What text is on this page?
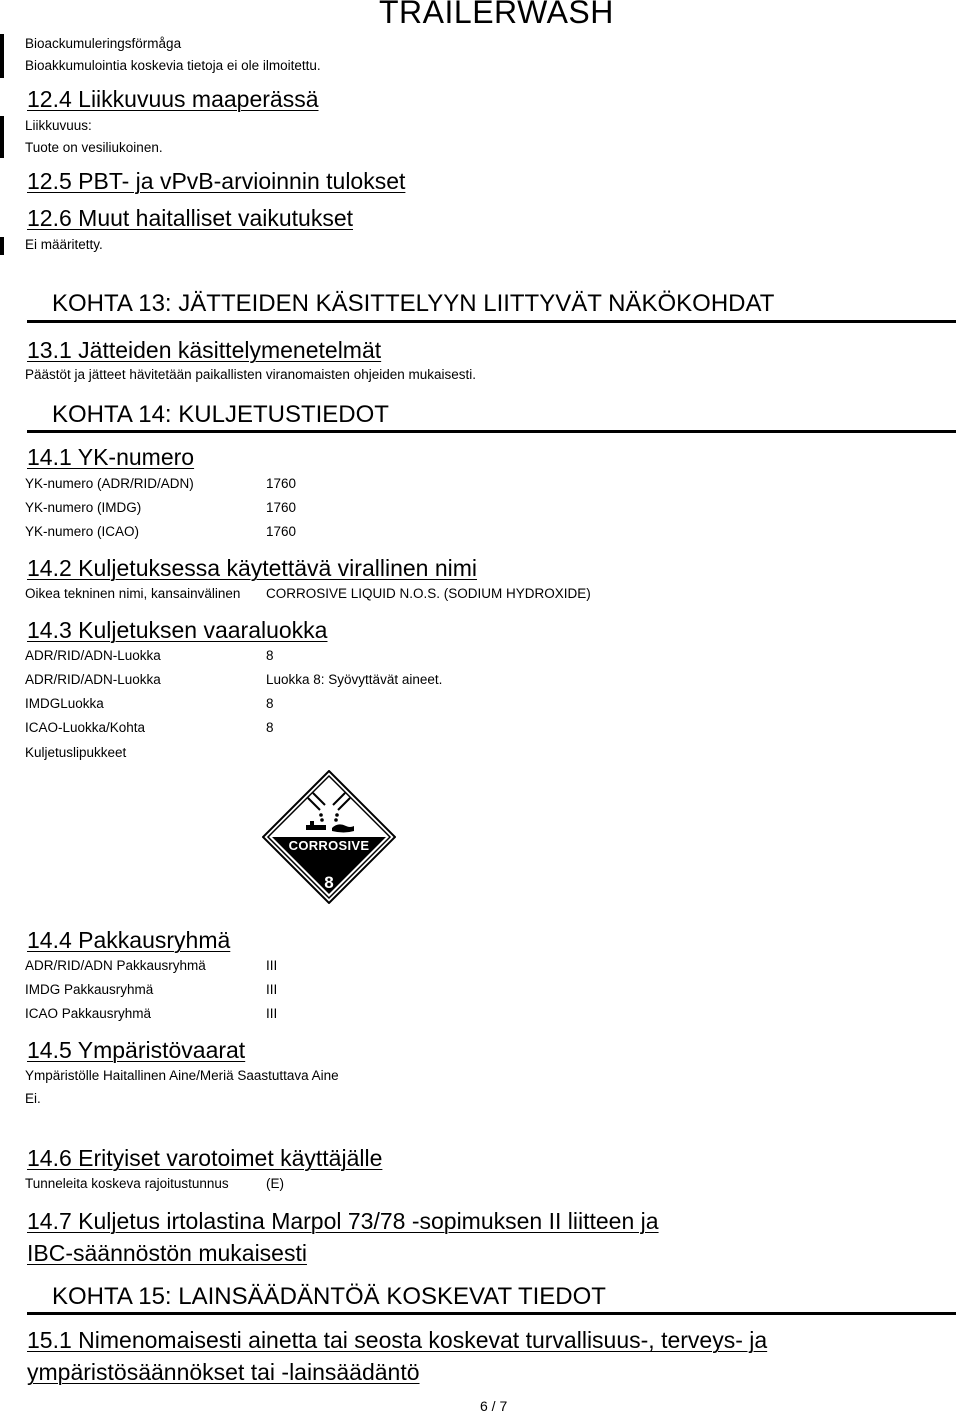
TRAILERWASH
Bioackumuleringsförmåga
Bioakkumulointia koskevia tietoja ei ole ilmoitettu.
12.4 Liikkuvuus maaperässä
Liikkuvuus:
Tuote on vesiliukoinen.
12.5 PBT- ja vPvB-arvioinnin tulokset
12.6 Muut haitalliset vaikutukset
Ei määritetty.
KOHTA 13: JÄTTEIDEN KÄSITTELYYN LIITTYVÄT NÄKÖKOHDAT
13.1 Jätteiden käsittelymenetelmät
Päästöt ja jätteet hävitetään paikallisten viranomaisten ohjeiden mukaisesti.
KOHTA 14: KULJETUSTIEDOT
14.1 YK-numero
YK-numero (ADR/RID/ADN)	1760
YK-numero (IMDG)	1760
YK-numero (ICAO)	1760
14.2 Kuljetuksessa käytettävä virallinen nimi
Oikea tekninen nimi, kansainvälinen CORROSIVE LIQUID N.O.S. (SODIUM HYDROXIDE)
14.3 Kuljetuksen vaaraluokka
ADR/RID/ADN-Luokka	8
ADR/RID/ADN-Luokka	Luokka 8: Syövyttävät aineet.
IMDGLuokka	8
ICAO-Luokka/Kohta	8
Kuljetuslipukkeet
CORROSIVE
8
14.4 Pakkausryhmä
ADR/RID/ADN Pakkausryhmä	III
IMDG Pakkausryhmä	III
ICAO Pakkausryhmä	III
14.5 Ympäristövaarat
Ympäristölle Haitallinen Aine/Meriä Saastuttava Aine
Ei.
14.6 Erityiset varotoimet käyttäjälle
Tunneleita koskeva rajoitustunnus	(E)
14.7 Kuljetus irtolastina Marpol 73/78 -sopimuksen II liitteen ja
IBC-säännöstön mukaisesti
KOHTA 15: LAINSÄÄDÄNTÖÄ KOSKEVAT TIEDOT
15.1 Nimenomaisesti ainetta tai seosta koskevat turvallisuus-, terveys- ja
ympäristösäännökset tai -lainsäädäntö
6 / 7
